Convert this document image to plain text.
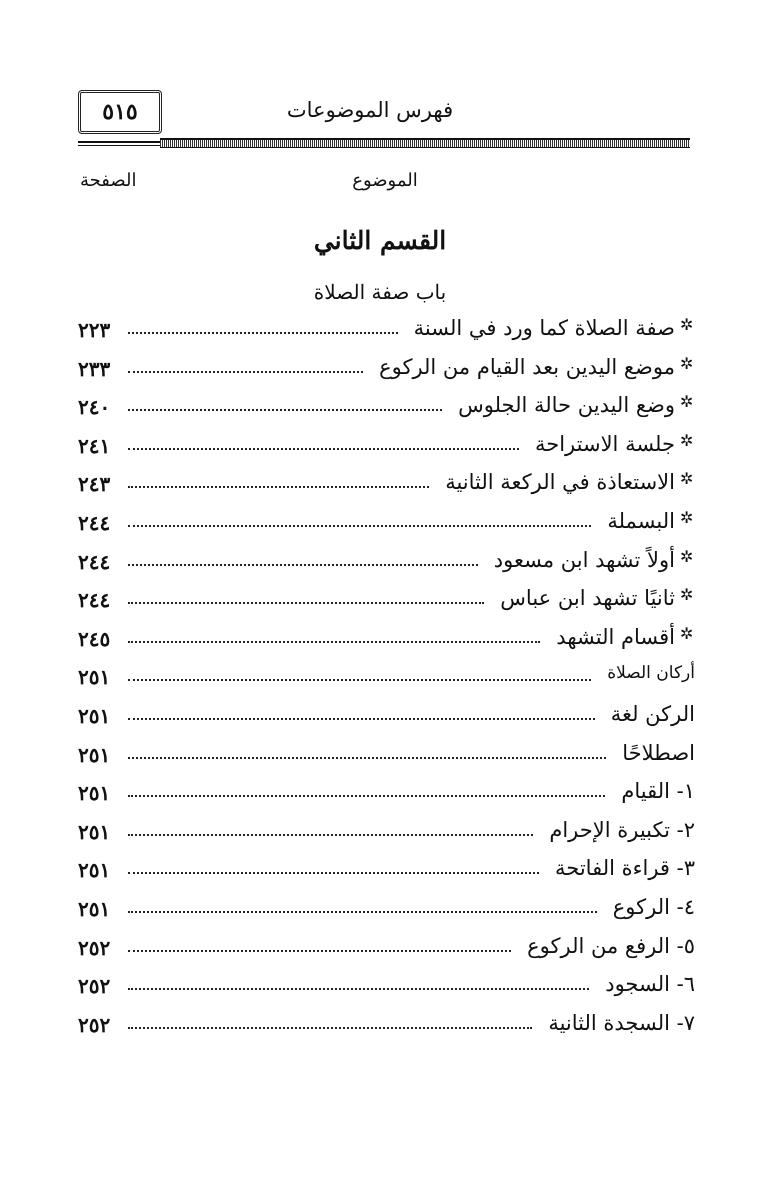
٥١٥	فهرس الموضوعات
الموضوع
الصفحة
القسم الثاني
باب صفة الصلاة
✲
صفة الصلاة كما ورد في السنة
٢٢٣
✲
موضع اليدين بعد القيام من الركوع
٢٣٣
✲
وضع اليدين حالة الجلوس
٢٤٠
✲
جلسة الاستراحة
٢٤١
✲
الاستعاذة في الركعة الثانية
٢٤٣
✲
البسملة
٢٤٤
✲
أولاً تشهد ابن مسعود
٢٤٤
✲
ثانيًا تشهد ابن عباس
٢٤٤
✲
أقسام التشهد
٢٤٥
أركان الصلاة
٢٥١
الركن لغة
٢٥١
اصطلاحًا
٢٥١
١- القيام
٢٥١
٢- تكبيرة الإحرام
٢٥١
٣- قراءة الفاتحة
٢٥١
٤- الركوع
٢٥١
٥- الرفع من الركوع
٢٥٢
٦- السجود
٢٥٢
٧- السجدة الثانية
٢٥٢
